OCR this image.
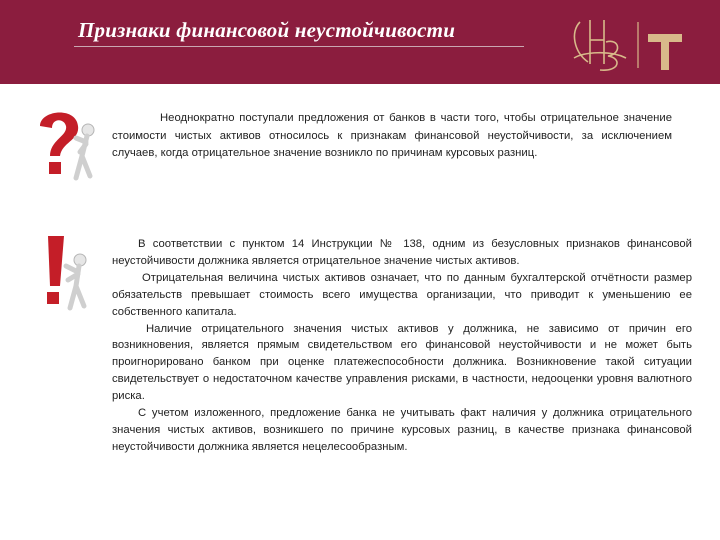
Признаки финансовой неустойчивости

Неоднократно поступали предложения от банков в части того, чтобы отрицательное значение стоимости чистых активов относилось к признакам финансовой неустойчивости, за исключением случаев, когда отрицательное значение возникло по причинам курсовых разниц.

В соответствии с пунктом 14 Инструкции № 138, одним из безусловных признаков финансовой неустойчивости должника является отрицательное значение чистых активов.

Отрицательная величина чистых активов означает, что по данным бухгалтерской отчётности размер обязательств превышает стоимость всего имущества организации, что приводит к уменьшению ее собственного капитала.

Наличие отрицательного значения чистых активов у должника, не зависимо от причин его возникновения, является прямым свидетельством его финансовой неустойчивости и не может быть проигнорировано банком при оценке платежеспособности должника. Возникновение такой ситуации свидетельствует о недостаточном качестве управления рисками, в частности, недооценки уровня валютного риска.

С учетом изложенного, предложение банка не учитывать факт наличия у должника отрицательного значения чистых активов, возникшего по причине курсовых разниц, в качестве признака финансовой неустойчивости должника является нецелесообразным.
